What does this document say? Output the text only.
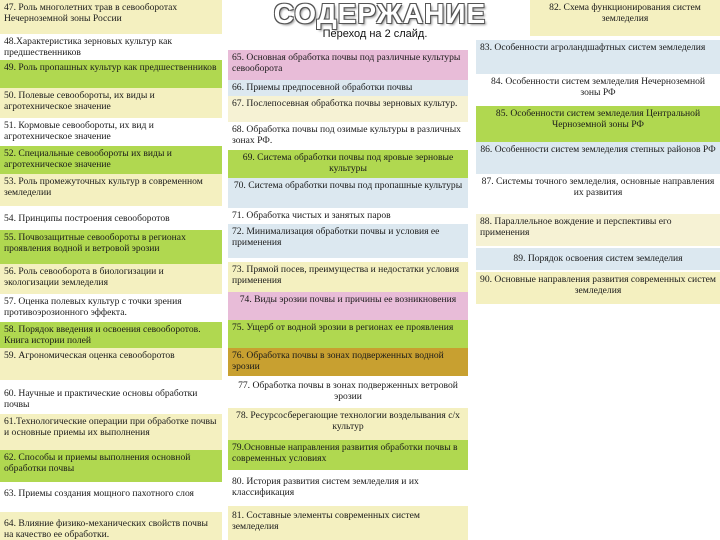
СОДЕРЖАНИЕ
Переход на 2 слайд.
47. Роль многолетних трав в севооборотах Нечерноземной зоны России
48.Характеристика зерновых культур как предшественников
49. Роль пропашных культур как предшественников
50. Полевые севообороты, их виды и агротехническое значение
51. Кормовые севообороты, их вид и агротехническое значение
52. Специальные севообороты их виды и агротехническое значение
53. Роль промежуточных культур в современном земледелии
54. Принципы построения севооборотов
55. Почвозащитные севообороты в регионах проявления водной и ветровой эрозии
56. Роль севооборота в биологизации и экологизации земледелия
57. Оценка полевых культур с точки зрения противоэрозионного эффекта.
58. Порядок введения и освоения севооборотов. Книга истории полей
59. Агрономическая оценка севооборотов
60. Научные и практические основы обработки почвы
61.Технологические операции при обработке почвы и основные приемы их выполнения
62. Способы и приемы выполнения основной обработки почвы
63. Приемы создания мощного пахотного слоя
64. Влияние физико-механических свойств почвы на качество ее обработки.
65. Основная обработка почвы под различные культуры севооборота
66. Приемы предпосевной обработки почвы
67. Послепосевная обработка почвы зерновых культур.
68. Обработка почвы под озимые культуры в различных зонах РФ.
69. Система обработки почвы под яровые зерновые культуры
70. Система обработки почвы под пропашные культуры
71. Обработка чистых и занятых паров
72. Минимализация обработки почвы и условия ее применения
73. Прямой посев, преимущества и недостатки условия применения
74. Виды эрозии почвы и причины ее возникновения
75. Ущерб от водной эрозии в регионах ее проявления
76. Обработка почвы в зонах подверженных водной эрозии
77. Обработка почвы в зонах подверженных ветровой эрозии
78. Ресурсосберегающие технологии возделывания с/х культур
79.Основные направления развития обработки почвы в современных условиях
80. История развития систем земледелия и их классификация
81. Составные элементы современных систем земледелия
82. Схема функционирования систем земледелия
83. Особенности агроландшафтных систем земледелия
84. Особенности систем земледелия Нечерноземной зоны РФ
85. Особенности систем земледелия Центральной Черноземной зоны РФ
86. Особенности систем земледелия степных районов РФ
87. Системы точного земледелия, основные направления их развития
88. Параллельное вождение и перспективы его применения
89. Порядок освоения систем земледелия
90. Основные направления развития современных систем земледелия
